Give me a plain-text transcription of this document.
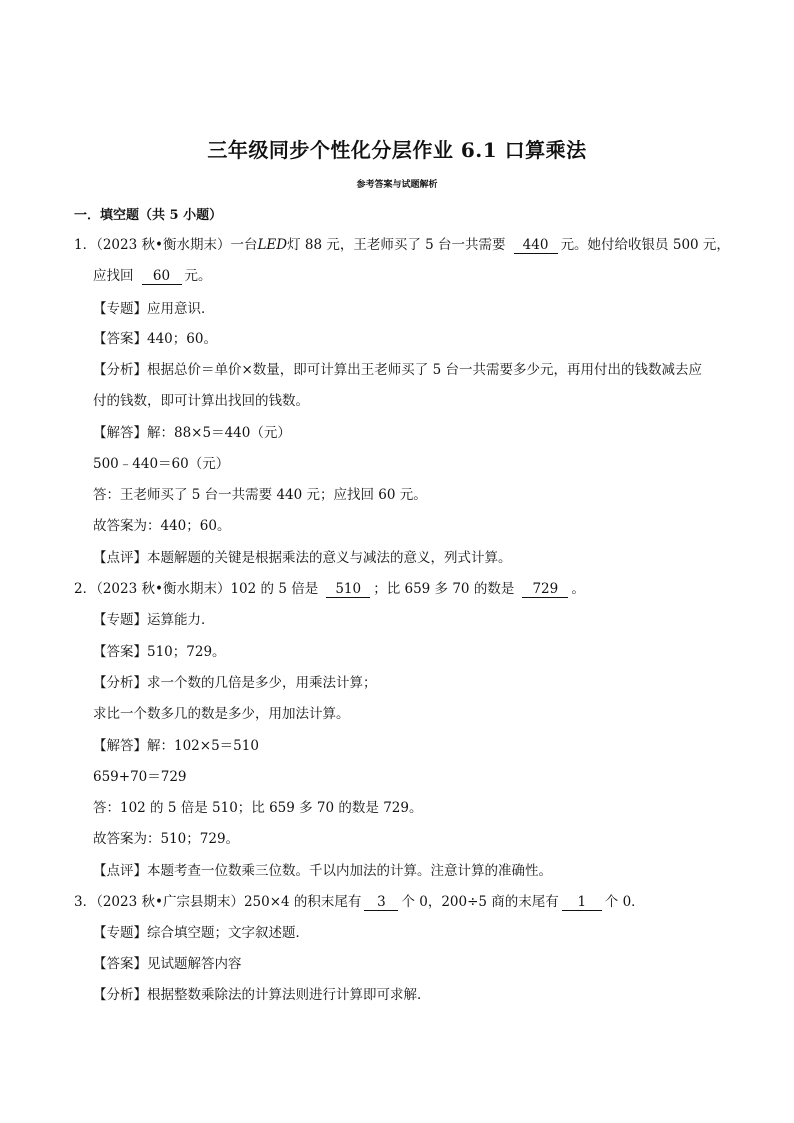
三年级同步个性化分层作业 6.1 口算乘法
参考答案与试题解析
一．填空题（共 5 小题）
1．（2023 秋•衡水期末）一台LED灯 88 元，王老师买了 5 台一共需要 440 元。她付给收银员 500 元，
应找回 60 元。
【专题】应用意识．
【答案】440；60。
【分析】根据总价＝单价×数量，即可计算出王老师买了 5 台一共需要多少元，再用付出的钱数减去应
付的钱数，即可计算出找回的钱数。
【解答】解：88×5＝440（元）
500﹣440＝60（元）
答：王老师买了 5 台一共需要 440 元；应找回 60 元。
故答案为：440；60。
【点评】本题解题的关键是根据乘法的意义与减法的意义，列式计算。
2．（2023 秋•衡水期末）102 的 5 倍是 510 ；比 659 多 70 的数是 729 。
【专题】运算能力．
【答案】510；729。
【分析】求一个数的几倍是多少，用乘法计算；
求比一个数多几的数是多少，用加法计算。
【解答】解：102×5＝510
659+70＝729
答：102 的 5 倍是 510；比 659 多 70 的数是 729。
故答案为：510；729。
【点评】本题考查一位数乘三位数。千以内加法的计算。注意计算的准确性。
3．（2023 秋•广宗县期末）250×4 的积末尾有 3 个 0，200÷5 商的末尾有 1 个 0．
【专题】综合填空题；文字叙述题．
【答案】见试题解答内容
【分析】根据整数乘除法的计算法则进行计算即可求解．
